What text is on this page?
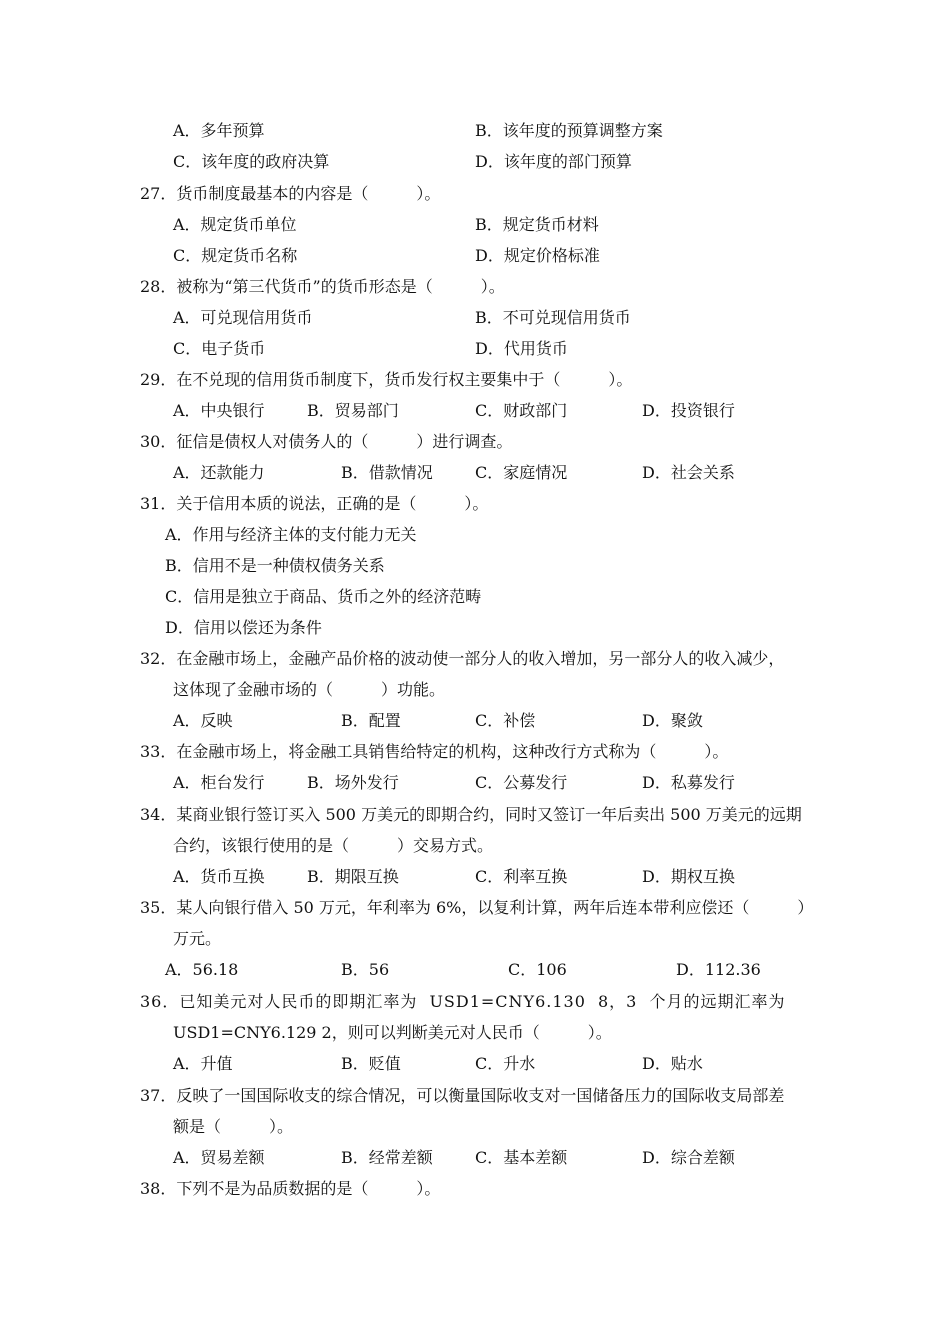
A．多年预算	B．该年度的预算调整方案
C．该年度的政府决算	D．该年度的部门预算
27．货币制度最基本的内容是（　　　）。
A．规定货币单位	B．规定货币材料
C．规定货币名称	D．规定价格标准
28．被称为“第三代货币”的货币形态是（　　　）。
A．可兑现信用货币	B．不可兑现信用货币
C．电子货币	D．代用货币
29．在不兑现的信用货币制度下，货币发行权主要集中于（　　　）。
A．中央银行	B．贸易部门	C．财政部门	D．投资银行
30．征信是债权人对债务人的（　　　）进行调查。
A．还款能力	B．借款情况	C．家庭情况	D．社会关系
31．关于信用本质的说法，正确的是（　　　）。
A．作用与经济主体的支付能力无关
B．信用不是一种债权债务关系
C．信用是独立于商品、货币之外的经济范畴
D．信用以偿还为条件
32．在金融市场上，金融产品价格的波动使一部分人的收入增加，另一部分人的收入减少，
这体现了金融市场的（　　　）功能。
A．反映	B．配置	C．补偿	D．聚敛
33．在金融市场上，将金融工具销售给特定的机构，这种改行方式称为（　　　）。
A．柜台发行	B．场外发行	C．公募发行	D．私募发行
34．某商业银行签订买入 500 万美元的即期合约，同时又签订一年后卖出 500 万美元的远期
合约，该银行使用的是（　　　）交易方式。
A．货币互换	B．期限互换	C．利率互换	D．期权互换
35．某人向银行借入 50 万元，年利率为 6%，以复利计算，两年后连本带利应偿还（　　　）
万元。
A．56.18	B．56	C．106	D．112.36
36．已知美元对人民币的即期汇率为 USD1=CNY6.130 8，3 个月的远期汇率为
USD1=CNY6.129 2，则可以判断美元对人民币（　　　）。
A．升值	B．贬值	C．升水	D．贴水
37．反映了一国国际收支的综合情况，可以衡量国际收支对一国储备压力的国际收支局部差
额是（　　　）。
A．贸易差额	B．经常差额	C．基本差额	D．综合差额
38．下列不是为品质数据的是（　　　）。
